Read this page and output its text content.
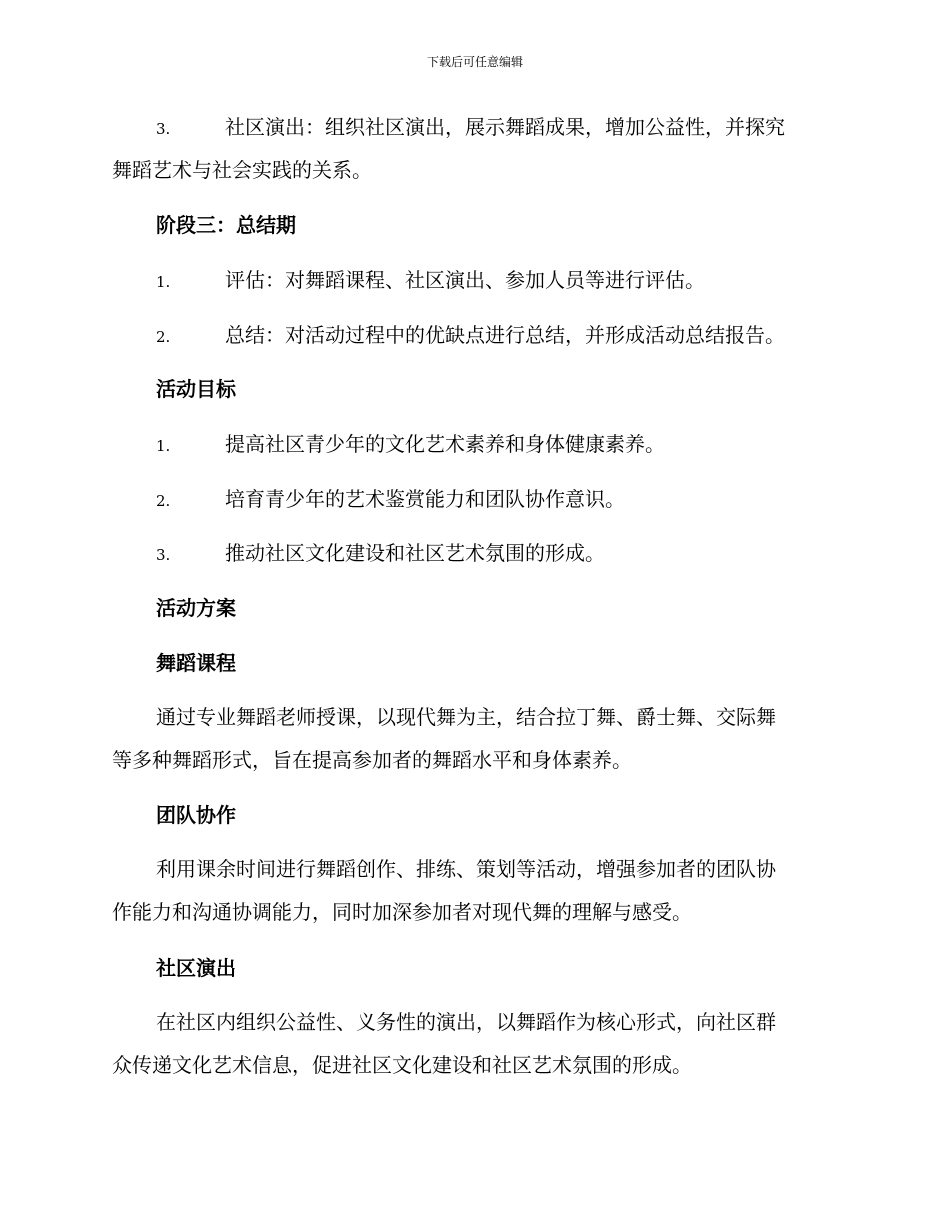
下载后可任意编辑
3.	社区演出：组织社区演出，展示舞蹈成果，增加公益性，并探究
舞蹈艺术与社会实践的关系。
阶段三：总结期
1.	评估：对舞蹈课程、社区演出、参加人员等进行评估。
2.	总结：对活动过程中的优缺点进行总结，并形成活动总结报告。
活动目标
1.	提高社区青少年的文化艺术素养和身体健康素养。
2.	培育青少年的艺术鉴赏能力和团队协作意识。
3.	推动社区文化建设和社区艺术氛围的形成。
活动方案
舞蹈课程
通过专业舞蹈老师授课，以现代舞为主，结合拉丁舞、爵士舞、交际舞
等多种舞蹈形式，旨在提高参加者的舞蹈水平和身体素养。
团队协作
利用课余时间进行舞蹈创作、排练、策划等活动，增强参加者的团队协
作能力和沟通协调能力，同时加深参加者对现代舞的理解与感受。
社区演出
在社区内组织公益性、义务性的演出，以舞蹈作为核心形式，向社区群
众传递文化艺术信息，促进社区文化建设和社区艺术氛围的形成。
